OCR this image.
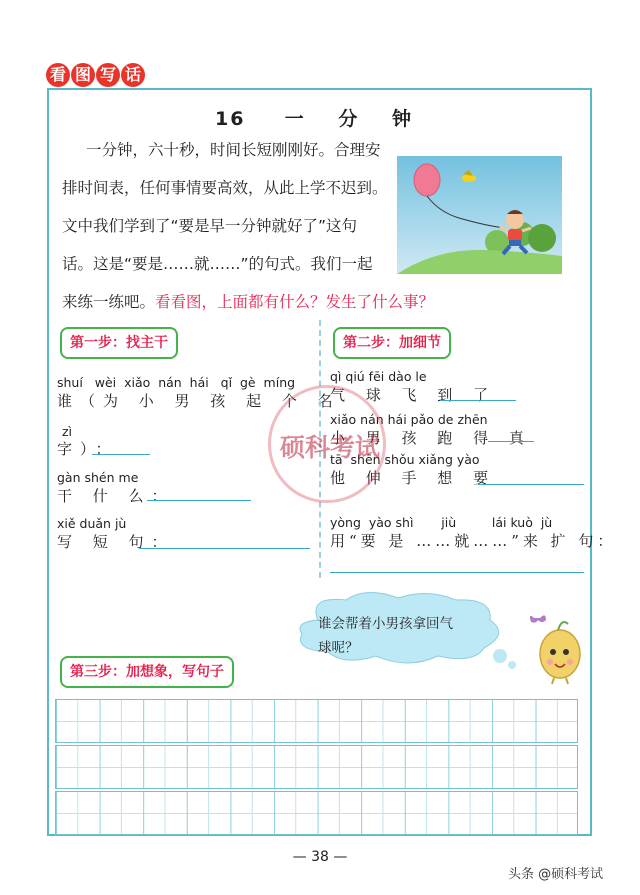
看 图 写 话
16 一 分 钟
一分钟，六十秒，时间长短刚刚好。合理安
排时间表，任何事情要高效，从此上学不迟到。
文中我们学到了“要是早一分钟就好了”这句
话。这是“要是……就……”的句式。我们一起
来练一练吧。看看图，上面都有什么？发生了什么事？
第一步：找主干
shuí   wèi  xiǎo  nán  hái   qǐ  gè  míng
谁（为 小 男 孩 起 个 名
zì
字）：
gàn shén me
干 什 么：
xiě duǎn jù
写 短 句：
第二步：加细节
qì qiú fēi dào le
气 球 飞 到 了
xiǎo nán hái pǎo de zhēn
小 男 孩 跑 得 真
tā  shēn shǒu xiǎng yào
他 伸 手 想 要
yòng  yào shì       jiù         lái kuò  jù
用“要 是 ……就……”来 扩 句：
硕科考试
谁会帮着小男孩拿回气
球呢？
第三步：加想象，写句子
— 38 —
头条 @硕科考试
